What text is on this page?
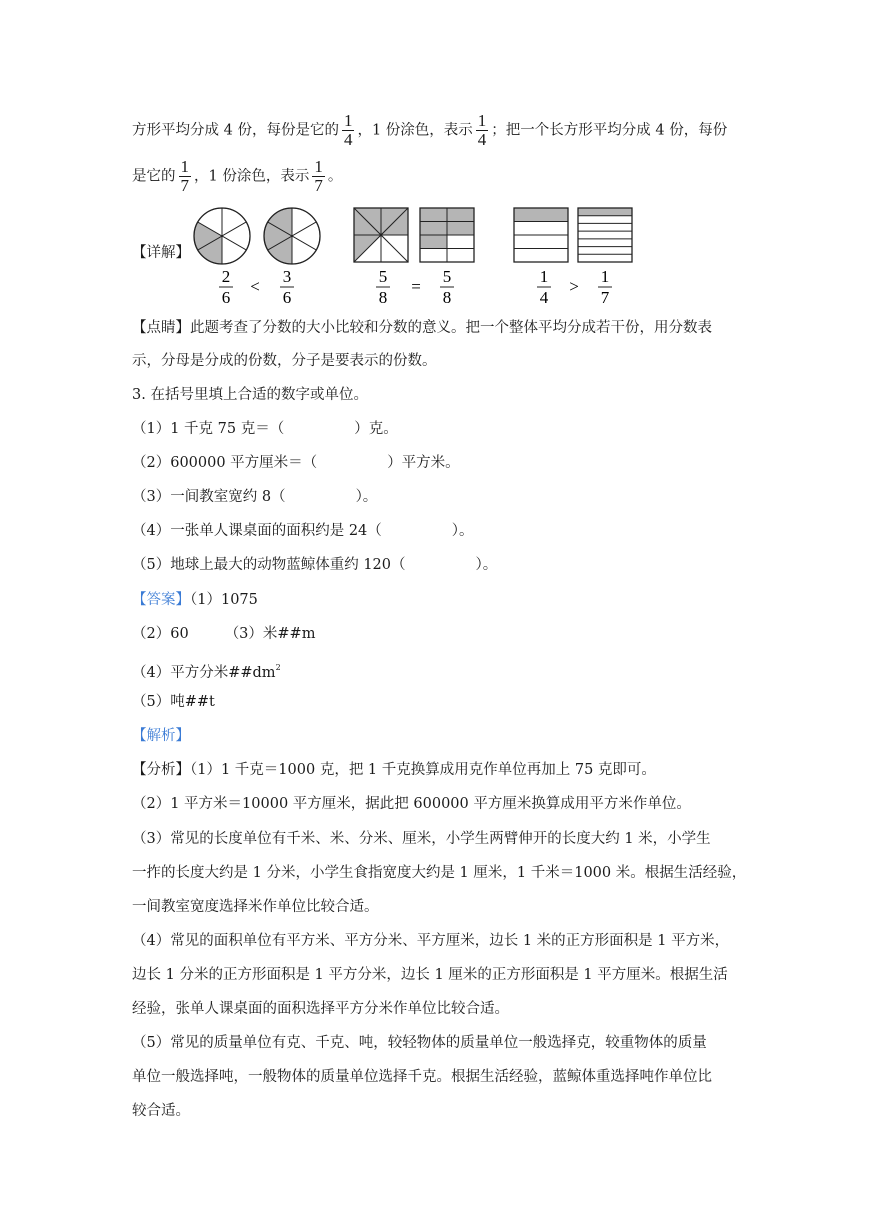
方形平均分成 4 份，每份是它的 $\frac{1}{4}$ ，1 份涂色，表示 $\frac{1}{4}$ ；把一个长方形平均分成 4 份，每份
是它的 $\frac{1}{7}$ ，1 份涂色，表示 $\frac{1}{7}$ 。
【详解】
2
6
<
3
6
5
8
=
5
8
1
4
>
1
7
【点睛】此题考查了分数的大小比较和分数的意义。把一个整体平均分成若干份，用分数表
示，分母是分成的份数，分子是要表示的份数。
3. 在括号里填上合适的数字或单位。
（1）1 千克 75 克＝（	）克。
（2）600000 平方厘米＝（	）平方米。
（3）一间教室宽约 8（	）。
（4）一张单人课桌面的面积约是 24（	）。
（5）地球上最大的动物蓝鲸体重约 120（	）。
【答案】（1）1075
（2）60 （3）米##m
（4）平方分米$\#\#dm^2$
（5）吨##t
【解析】
【分析】（1）1 千克＝1000 克，把 1 千克换算成用克作单位再加上 75 克即可。
（2）1 平方米＝10000 平方厘米，据此把 600000 平方厘米换算成用平方米作单位。
（3）常见的长度单位有千米、米、分米、厘米，小学生两臂伸开的长度大约 1 米，小学生
一拃的长度大约是 1 分米，小学生食指宽度大约是 1 厘米，1 千米＝1000 米。根据生活经验，
一间教室宽度选择米作单位比较合适。
（4）常见的面积单位有平方米、平方分米、平方厘米，边长 1 米的正方形面积是 1 平方米，
边长 1 分米的正方形面积是 1 平方分米，边长 1 厘米的正方形面积是 1 平方厘米。根据生活
经验，张单人课桌面的面积选择平方分米作单位比较合适。
（5）常见的质量单位有克、千克、吨，较轻物体的质量单位一般选择克，较重物体的质量
单位一般选择吨，一般物体的质量单位选择千克。根据生活经验，蓝鲸体重选择吨作单位比
较合适。
